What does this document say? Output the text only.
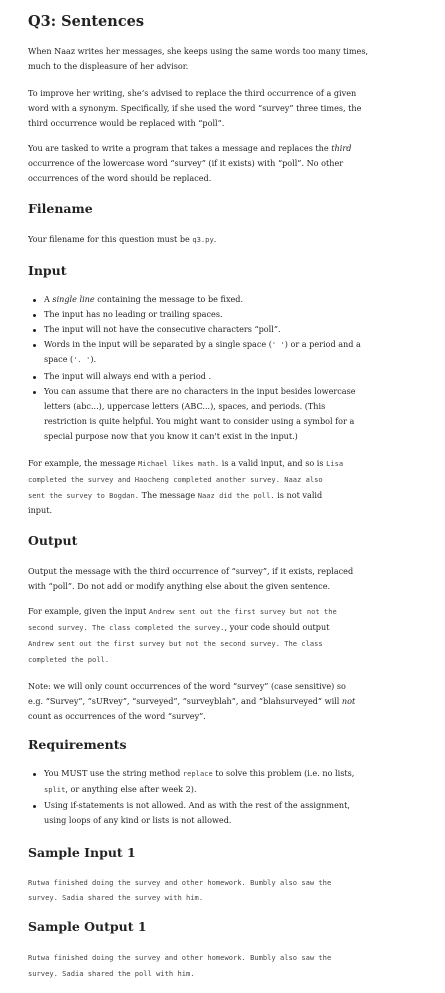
Q3: Sentences
When Naaz writes her messages, she keeps using the same words too many times,
much to the displeasure of her advisor.
To improve her writing, she’s advised to replace the third occurrence of a given
word with a synonym. Specifically, if she used the word “survey” three times, the
third occurrence would be replaced with “poll”.
You are tasked to write a program that takes a message and replaces the third
occurrence of the lowercase word “survey” (if it exists) with “poll”. No other
occurrences of the word should be replaced.
Filename
Your filename for this question must be q3.py.
Input
A single line containing the message to be fixed.
The input has no leading or trailing spaces.
The input will not have the consecutive characters “poll”.
Words in the input will be separated by a single space (' ') or a period and a
space ('. ').
The input will always end with a period .
You can assume that there are no characters in the input besides lowercase
letters (abc...), uppercase letters (ABC...), spaces, and periods. (This
restriction is quite helpful. You might want to consider using a symbol for a
special purpose now that you know it can't exist in the input.)
For example, the message Michael likes math. is a valid input, and so is Lisa
completed the survey and Haocheng completed another survey. Naaz also
sent the survey to Bogdan. The message Naaz did the poll. is not valid
input.
Output
Output the message with the third occurrence of “survey”, if it exists, replaced
with “poll”. Do not add or modify anything else about the given sentence.
For example, given the input Andrew sent out the first survey but not the
second survey. The class completed the survey., your code should output
Andrew sent out the first survey but not the second survey. The class
completed the poll.
Note: we will only count occurrences of the word “survey” (case sensitive) so
e.g. “Survey”, “sURvey”, “surveyed”, “surveyblah”, and “blahsurveyed” will not
count as occurrences of the word “survey”.
Requirements
You MUST use the string method replace to solve this problem (i.e. no lists,
split, or anything else after week 2).
Using if-statements is not allowed. And as with the rest of the assignment,
using loops of any kind or lists is not allowed.
Sample Input 1
Rutwa finished doing the survey and other homework. Bumbly also saw the
survey. Sadia shared the survey with him.
Sample Output 1
Rutwa finished doing the survey and other homework. Bumbly also saw the
survey. Sadia shared the poll with him.
